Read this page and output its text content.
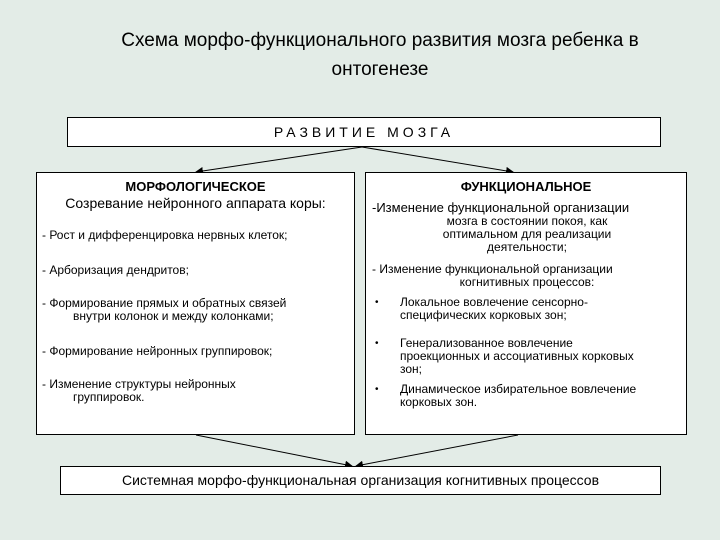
Схема морфо-функционального развития мозга ребенка в
онтогенезе
РАЗВИТИЕ МОЗГА
МОРФОЛОГИЧЕСКОЕ
Созревание нейронного аппарата коры:
- Рост и дифференцировка нервных клеток;
- Арборизация дендритов;
- Формирование прямых и обратных связей
внутри колонок и между колонками;
- Формирование нейронных группировок;
- Изменение структуры нейронных
группировок.
ФУНКЦИОНАЛЬНОЕ
-Изменение функциональной организации
мозга в состоянии покоя, как
оптимальном для реализации
деятельности;
- Изменение функциональной организации
когнитивных процессов:
• Локальное вовлечение сенсорно-
специфических корковых зон;
• Генерализованное вовлечение
проекционных и ассоциативных корковых
зон;
• Динамическое избирательное вовлечение
корковых зон.
Системная морфо-функциональная организация когнитивных процессов
